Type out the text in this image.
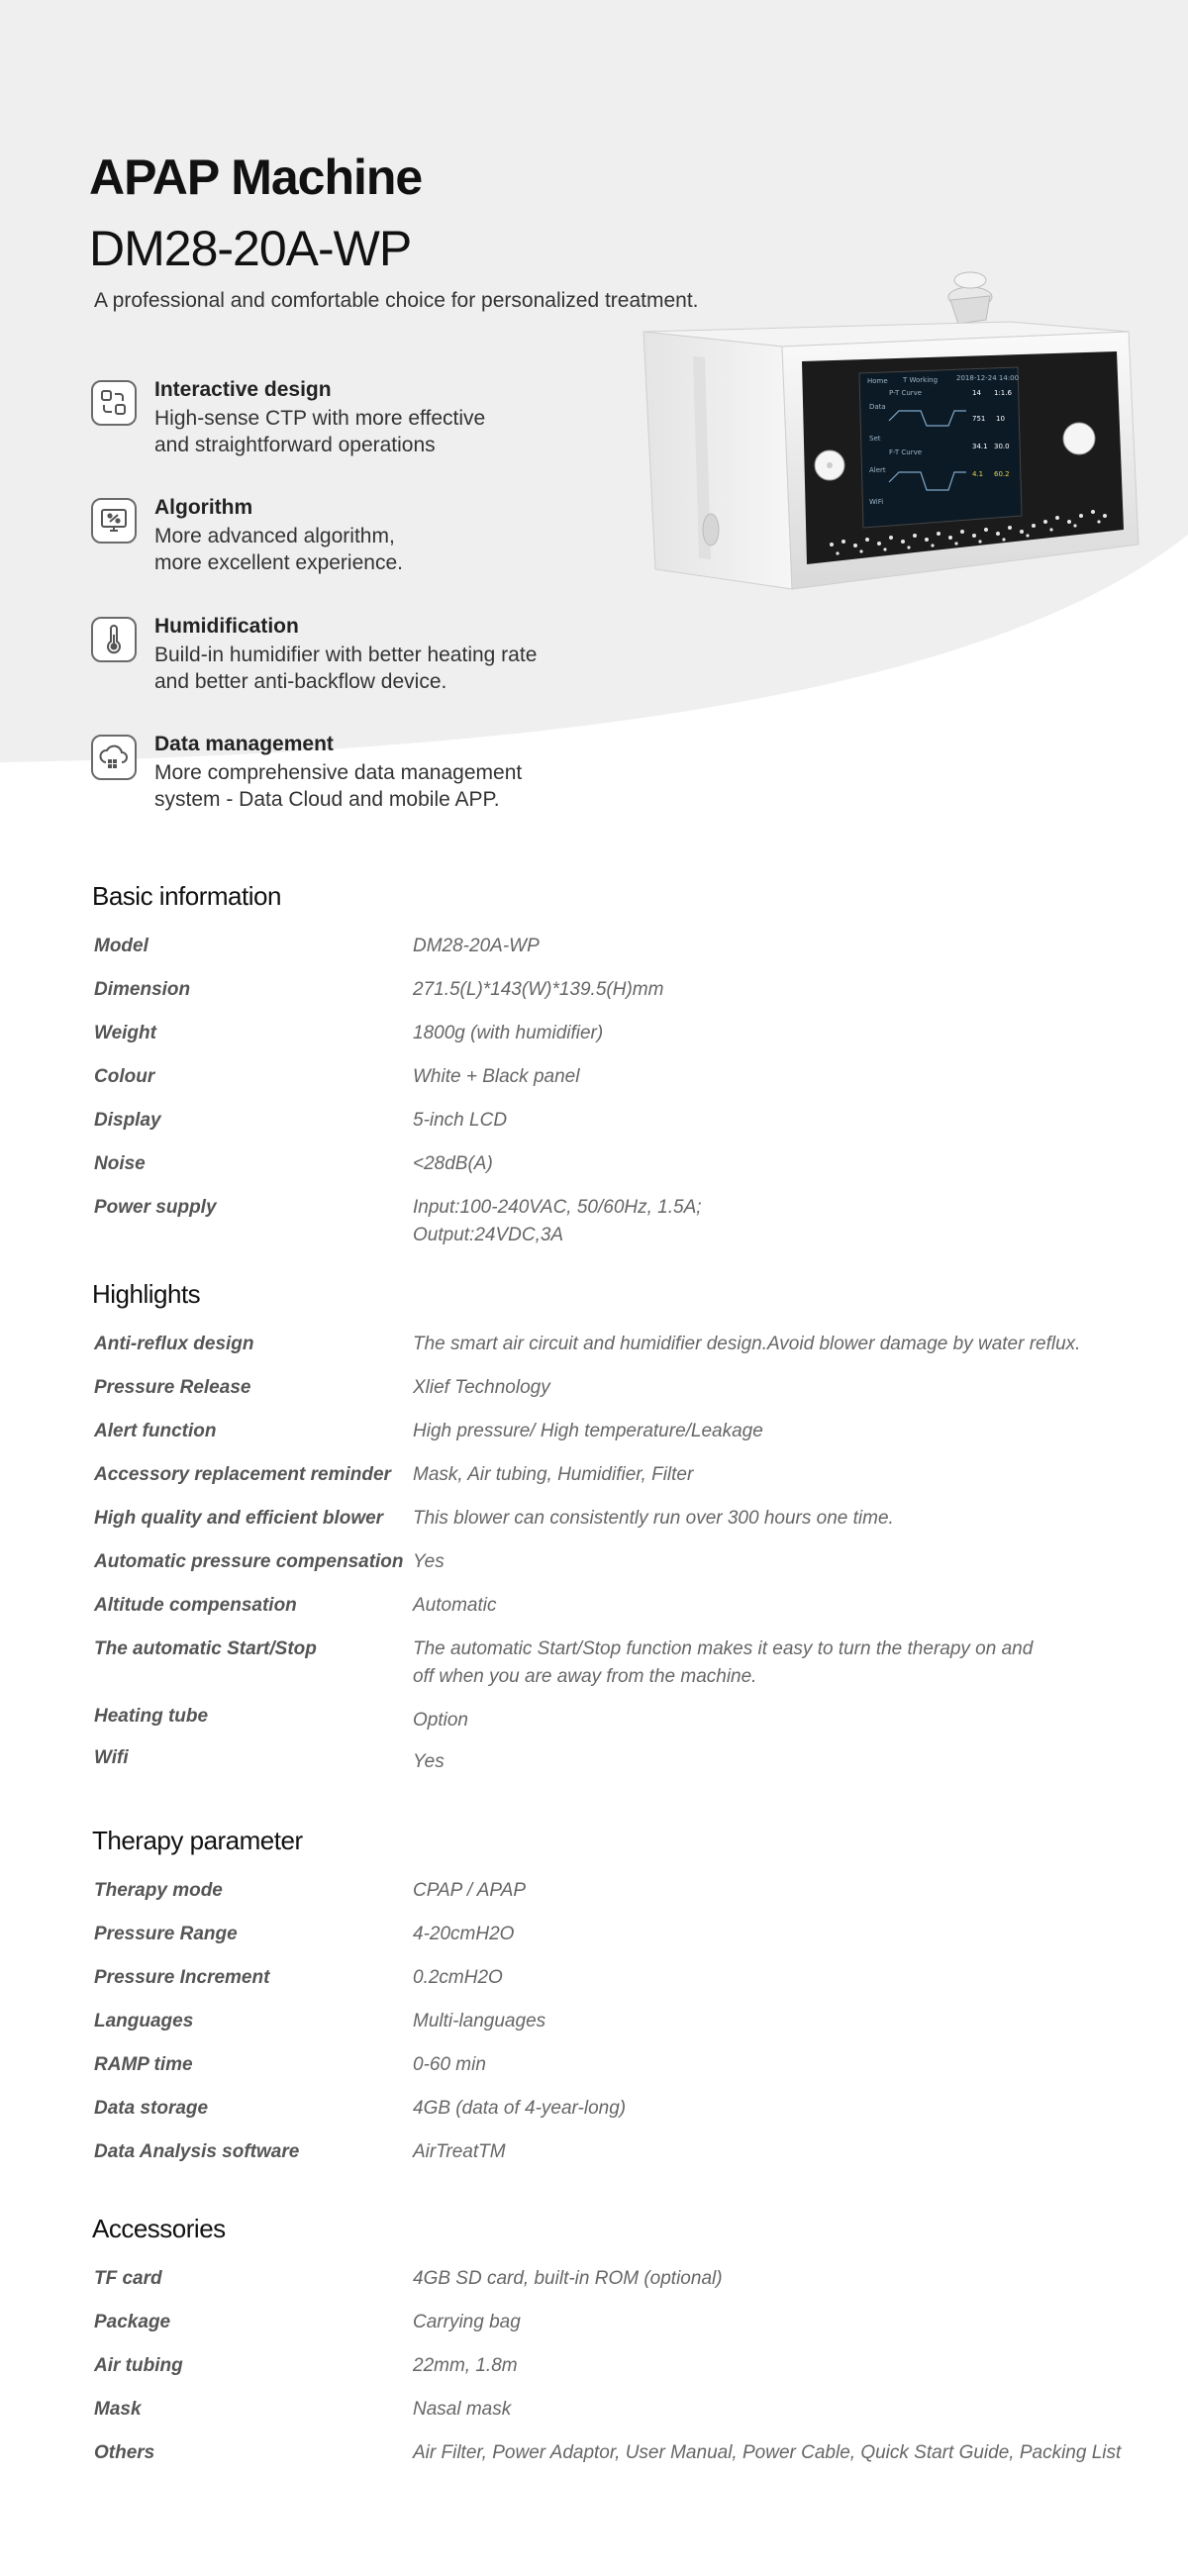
APAP Machine
DM28-20A-WP

A professional and comfortable choice for personalized treatment.

Interactive design

High-sense CTP with more effective
and straightforward operations

Algorithm

More advanced algorithm,
more excellent experience.

Humidification

Build-in humidifier with better heating rate
and better anti-backflow device.

Data management

More comprehensive data management
system - Data Cloud and mobile APP.

Home T Working	2018-12-24 14:00
Data
Set
Alert
WiFi
P-T Curve
F-T Curve
14 1:1.6
751 10
34.1 30.0
4.1 60.2
Basic information
Model	DM28-20A-WP
Dimension	271.5(L)*143(W)*139.5(H)mm
Weight	1800g (with humidifier)
Colour	White + Black panel
Display	5-inch LCD
Noise	<28dB(A)
Power supply	Input:100-240VAC, 50/60Hz, 1.5A;
Output:24VDC,3A
Highlights
Anti-reflux design	The smart air circuit and humidifier design.Avoid blower damage by water reflux.
Pressure Release	Xlief Technology
Alert function	High pressure/ High temperature/Leakage
Accessory replacement reminder	Mask, Air tubing, Humidifier, Filter
High quality and efficient blower	This blower can consistently run over 300 hours one time.
Automatic pressure compensation Yes
Altitude compensation	Automatic
The automatic Start/Stop	The automatic Start/Stop function makes it easy to turn the therapy on and
off when you are away from the machine.
Heating tube	Option
Wifi	Yes
Therapy parameter
Therapy mode	CPAP / APAP
Pressure Range	4-20cmH2O
Pressure Increment	0.2cmH2O
Languages	Multi-languages
RAMP time	0-60 min
Data storage	4GB (data of 4-year-long)
Data Analysis software	AirTreatTM
Accessories
TF card	4GB SD card, built-in ROM (optional)
Package	Carrying bag
Air tubing	22mm, 1.8m
Mask	Nasal mask
Others	Air Filter, Power Adaptor, User Manual, Power Cable, Quick Start Guide, Packing List
